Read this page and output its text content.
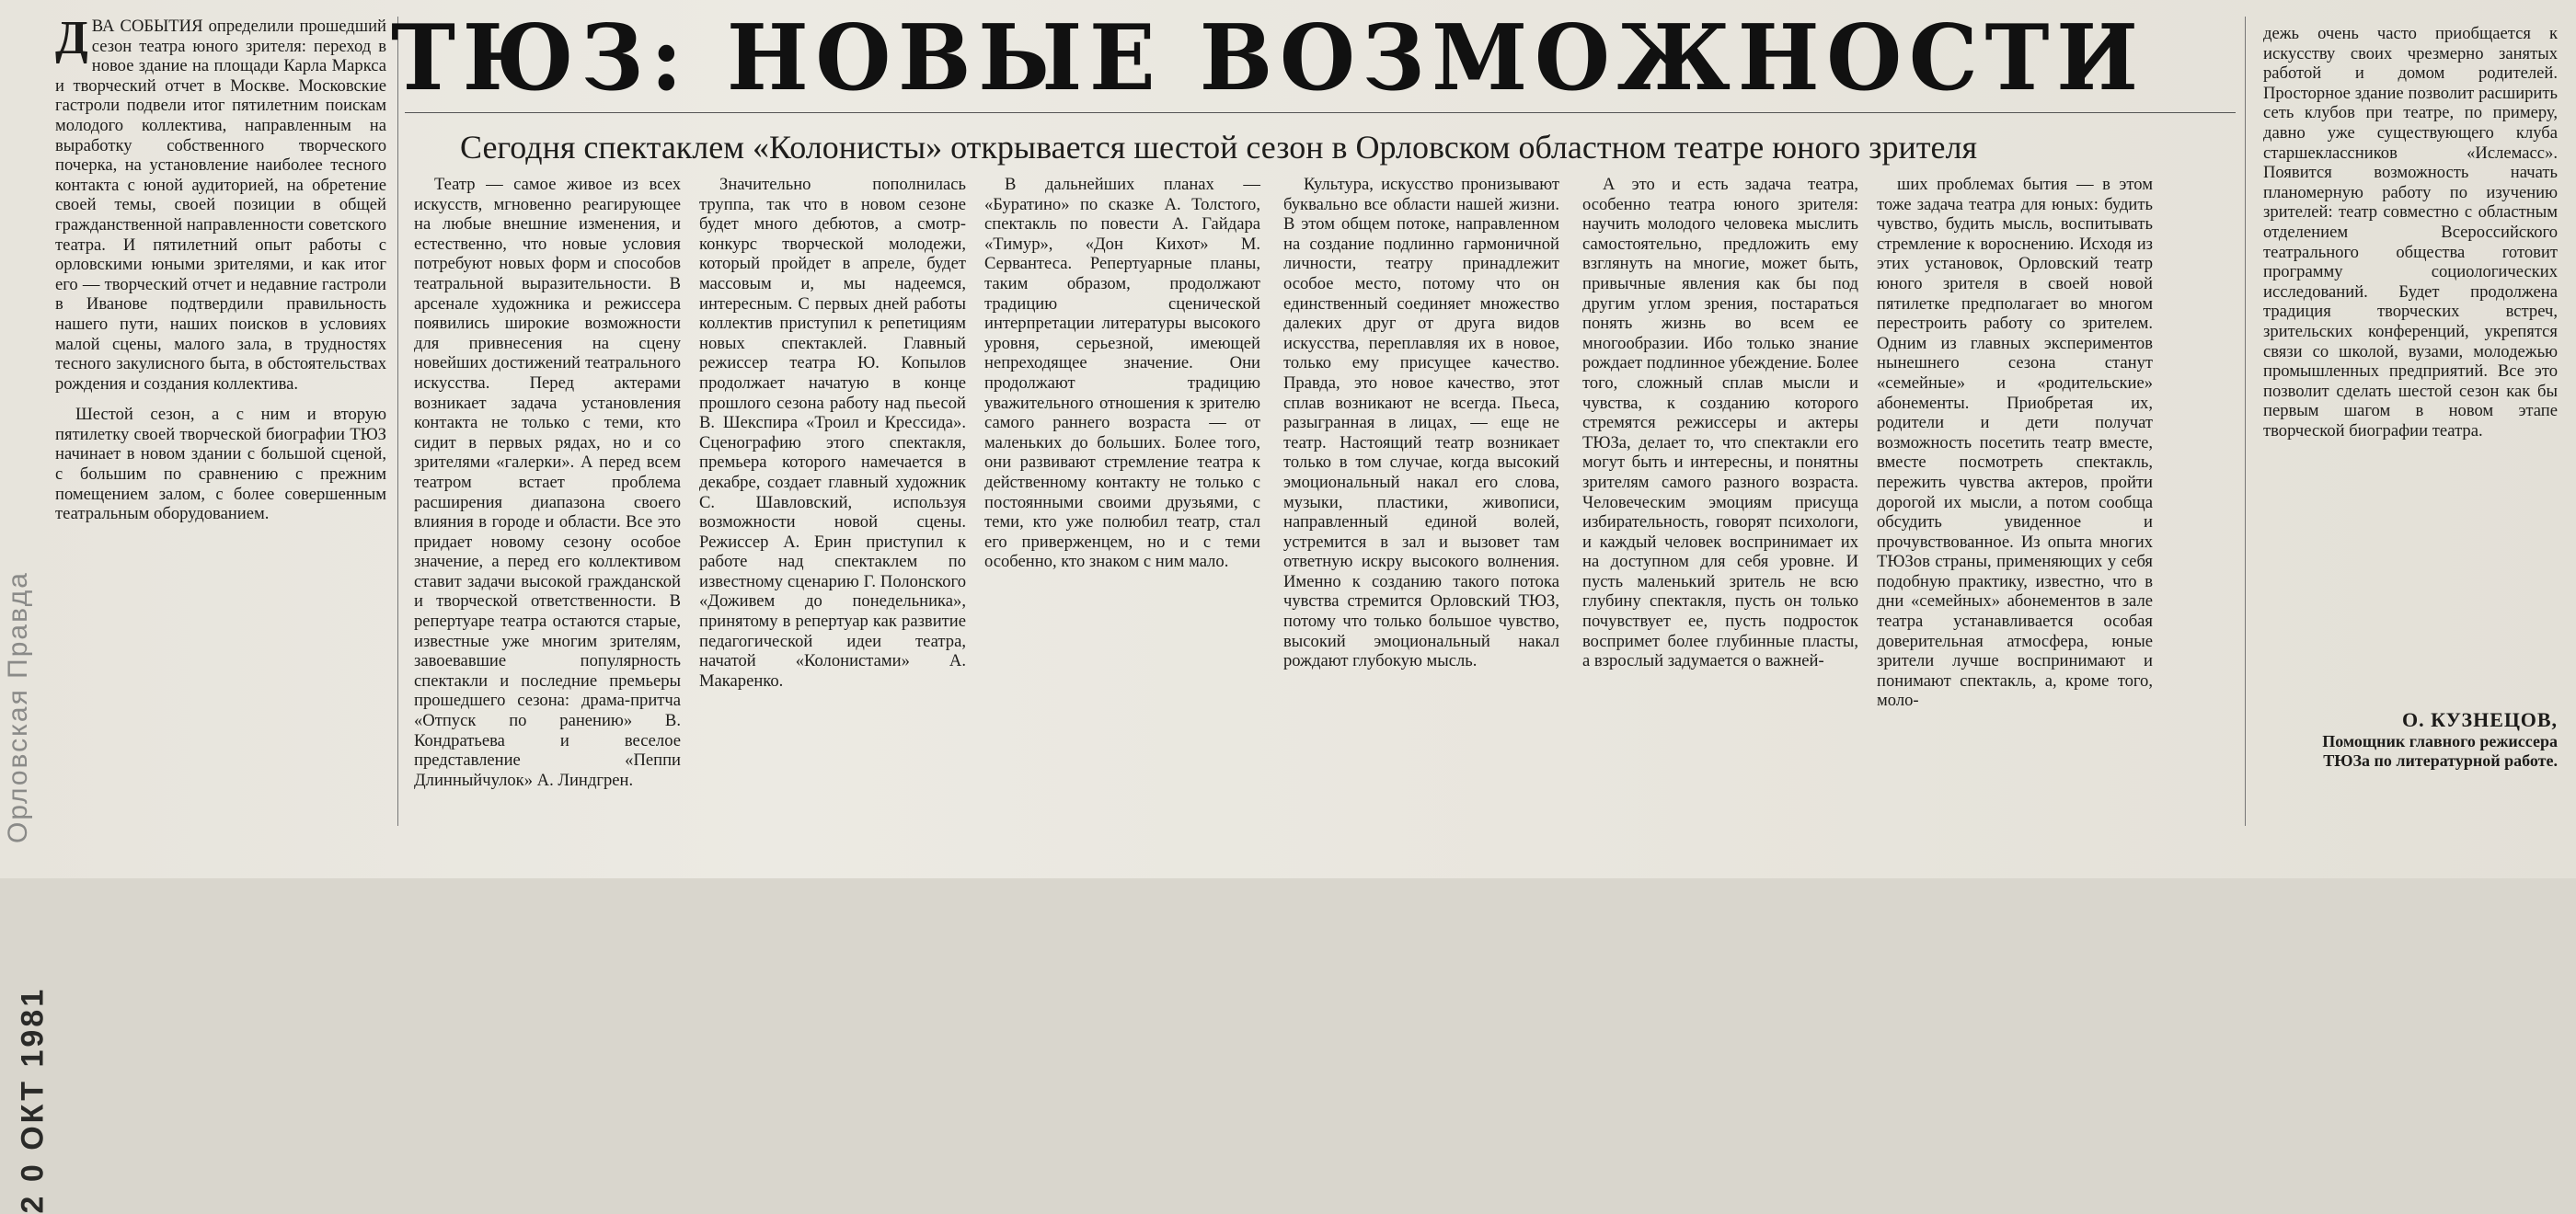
Орловская Правда
2 0 ОКТ 1981

ДВА СОБЫТИЯ определили прошедший сезон театра юного зрителя: переход в новое здание на площади Карла Маркса и творческий отчет в Москве. Московские гастроли подвели итог пятилетним поискам молодого коллектива, направленным на выработку собственного творческого почерка, на установление наиболее тесного контакта с юной аудиторией, на обретение своей темы, своей позиции в общей гражданственной направленности советского театра. И пятилетний опыт работы с орловскими юными зрителями, и как итог его — творческий отчет и недавние гастроли в Иванове подтвердили правильность нашего пути, наших поисков в условиях малой сцены, малого зала, в трудностях тесного закулисного быта, в обстоятельствах рождения и создания коллектива.

Шестой сезон, а с ним и вторую пятилетку своей творческой биографии ТЮЗ начинает в новом здании с большой сценой, с большим по сравнению с прежним помещением залом, с более совершенным театральным оборудованием.

ТЮЗ: НОВЫЕ ВОЗМОЖНОСТИ
Сегодня спектаклем «Колонисты» открывается шестой сезон в Орловском областном театре юного зрителя

Театр — самое живое из всех искусств, мгновенно реагирующее на любые внешние изменения, и естественно, что новые условия потребуют новых форм и способов театральной выразительности. В арсенале художника и режиссера появились широкие возможности для привнесения на сцену новейших достижений театрального искусства. Перед актерами возникает задача установления контакта не только с теми, кто сидит в первых рядах, но и со зрителями «галерки». А перед всем театром встает проблема расширения диапазона своего влияния в городе и области. Все это придает новому сезону особое значение, а перед его коллективом ставит задачи высокой гражданской и творческой ответственности. В репертуаре театра остаются старые, известные уже многим зрителям, завоевавшие популярность спектакли и последние премьеры прошедшего сезона: драма-притча «Отпуск по ранению» В. Кондратьева и веселое представление «Пеппи Длинныйчулок» А. Линдгрен.

Значительно пополнилась труппа, так что в новом сезоне будет много дебютов, а смотр-конкурс творческой молодежи, который пройдет в апреле, будет массовым и, мы надеемся, интересным. С первых дней работы коллектив приступил к репетициям новых спектаклей. Главный режиссер театра Ю. Копылов продолжает начатую в конце прошлого сезона работу над пьесой В. Шекспира «Троил и Крессида». Сценографию этого спектакля, премьера которого намечается в декабре, создает главный художник С. Шавловский, используя возможности новой сцены. Режиссер А. Ерин приступил к работе над спектаклем по известному сценарию Г. Полонского «Доживем до понедельника», принятому в репертуар как развитие педагогической идеи театра, начатой «Колонистами» А. Макаренко.

В дальнейших планах — «Буратино» по сказке А. Толстого, спектакль по повести А. Гайдара «Тимур», «Дон Кихот» М. Сервантеса. Репертуарные планы, таким образом, продолжают традицию сценической интерпретации литературы высокого уровня, серьезной, имеющей непреходящее значение. Они продолжают традицию уважительного отношения к зрителю самого раннего возраста — от маленьких до больших. Более того, они развивают стремление театра к действенному контакту не только с постоянными своими друзьями, с теми, кто уже полюбил театр, стал его приверженцем, но и с теми особенно, кто знаком с ним мало.

Культура, искусство пронизывают буквально все области нашей жизни. В этом общем потоке, направленном на создание подлинно гармоничной личности, театру принадлежит особое место, потому что он единственный соединяет множество далеких друг от друга видов искусства, переплавляя их в новое, только ему присущее качество. Правда, это новое качество, этот сплав возникают не всегда. Пьеса, разыгранная в лицах, — еще не театр. Настоящий театр возникает только в том случае, когда высокий эмоциональный накал его слова, музыки, пластики, живописи, направленный единой волей, устремится в зал и вызовет там ответную искру высокого волнения. Именно к созданию такого потока чувства стремится Орловский ТЮЗ, потому что только большое чувство, высокий эмоциональный накал рождают глубокую мысль.

А это и есть задача театра, особенно театра юного зрителя: научить молодого человека мыслить самостоятельно, предложить ему взглянуть на многие, может быть, привычные явления как бы под другим углом зрения, постараться понять жизнь во всем ее многообразии. Ибо только знание рождает подлинное убеждение. Более того, сложный сплав мысли и чувства, к созданию которого стремятся режиссеры и актеры ТЮЗа, делает то, что спектакли его могут быть и интересны, и понятны зрителям самого разного возраста. Человеческим эмоциям присуща избирательность, говорят психологи, и каждый человек воспринимает их на доступном для себя уровне. И пусть маленький зритель не всю глубину спектакля, пусть он только почувствует ее, пусть подросток воспримет более глубинные пласты, а взрослый задумается о важней-

ших проблемах бытия — в этом тоже задача театра для юных: будить чувство, будить мысль, воспитывать стремление к вороснению. Исходя из этих установок, Орловский театр юного зрителя в своей новой пятилетке предполагает во многом перестроить работу со зрителем. Одним из главных экспериментов нынешнего сезона станут «семейные» и «родительские» абонементы. Приобретая их, родители и дети получат возможность посетить театр вместе, вместе посмотреть спектакль, пережить чувства актеров, пройти дорогой их мысли, а потом сообща обсудить увиденное и прочувствованное. Из опыта многих ТЮЗов страны, применяющих у себя подобную практику, известно, что в дни «семейных» абонементов в зале театра устанавливается особая доверительная атмосфера, юные зрители лучше воспринимают и понимают спектакль, а, кроме того, моло-

дежь очень часто приобщается к искусству своих чрезмерно занятых работой и домом родителей. Просторное здание позволит расширить сеть клубов при театре, по примеру, давно уже существующего клуба старшеклассников «Ислемасс». Появится возможность начать планомерную работу по изучению зрителей: театр совместно с областным отделением Всероссийского театрального общества готовит программу социологических исследований. Будет продолжена традиция творческих встреч, зрительских конференций, укрепятся связи со школой, вузами, молодежью промышленных предприятий. Все это позволит сделать шестой сезон как бы первым шагом в новом этапе творческой биографии театра.

О. КУЗНЕЦОВ,
Помощник главного режиссера ТЮЗа по литературной работе.
